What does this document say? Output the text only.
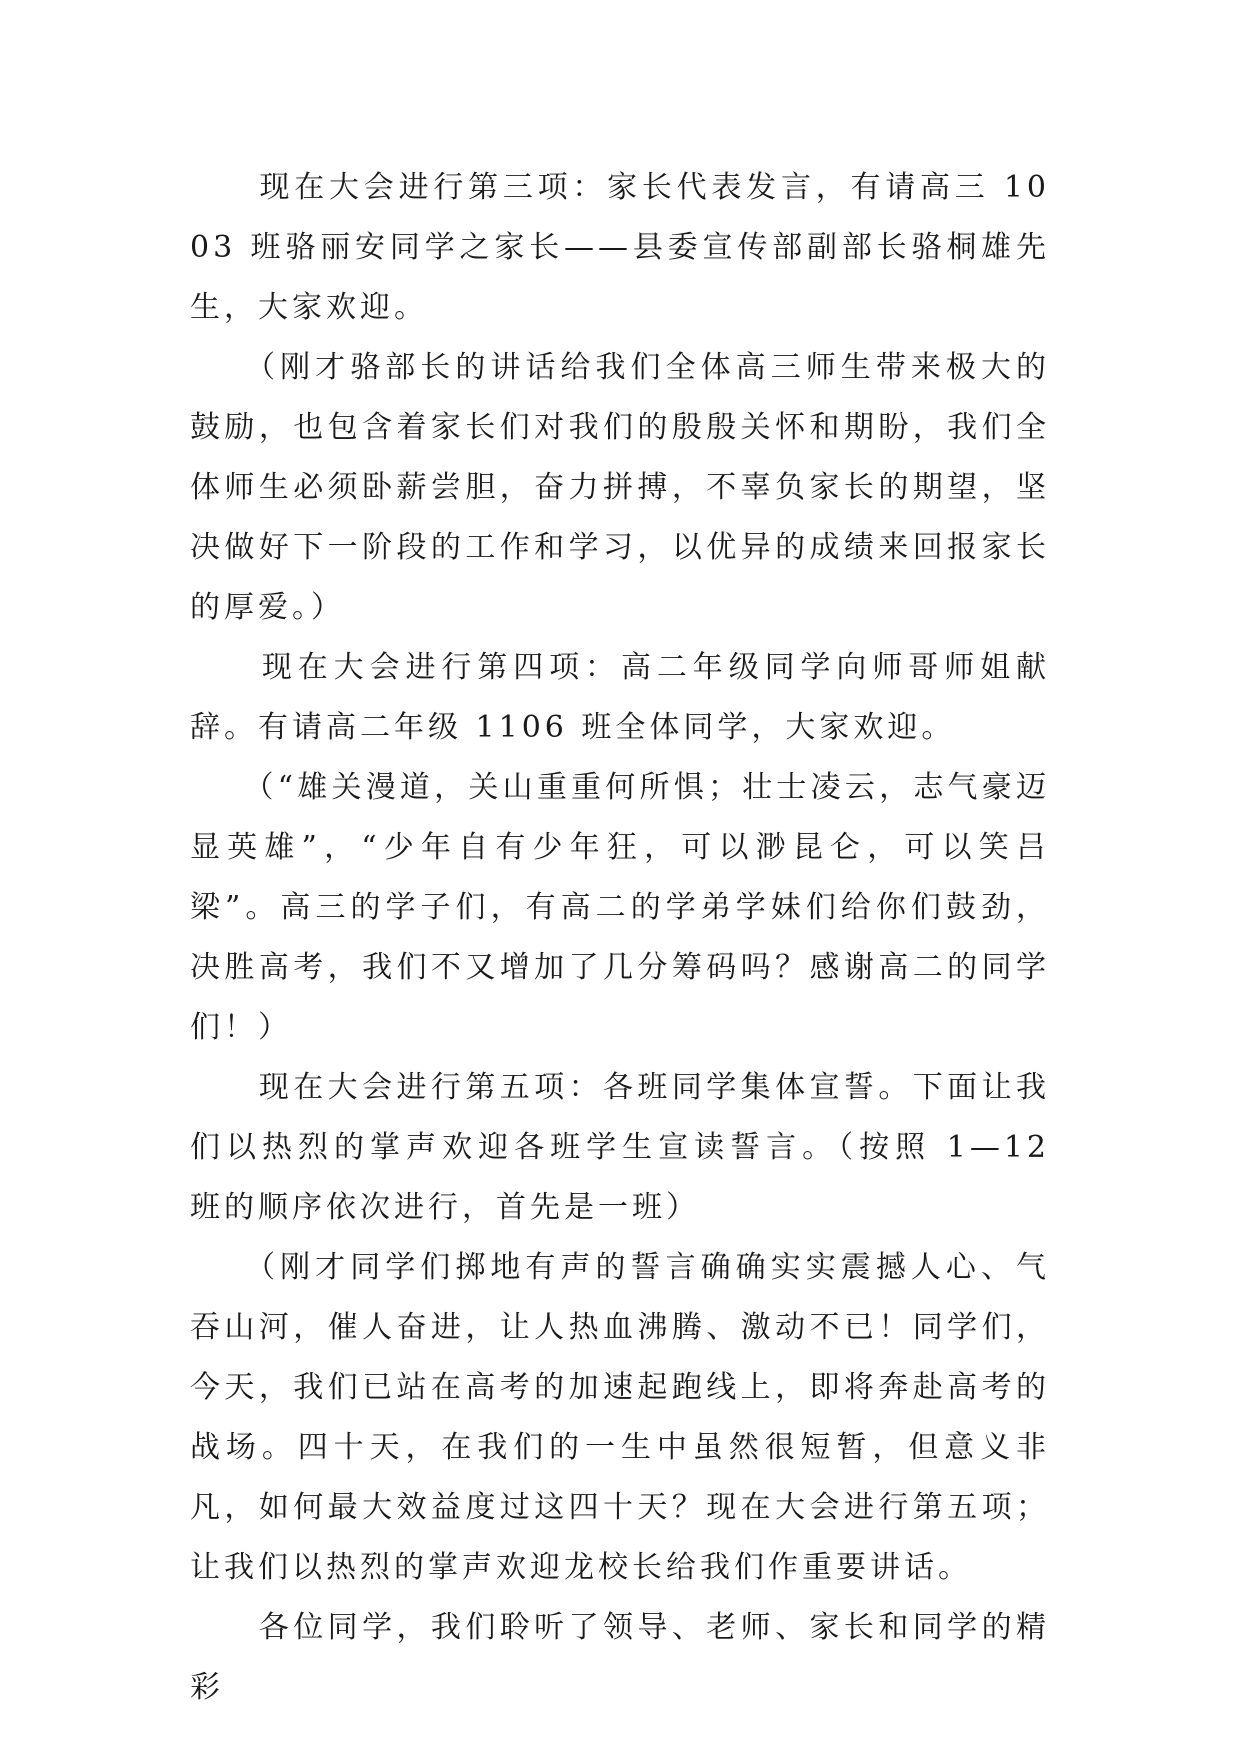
　　现在大会进行第三项：家长代表发言，有请高三 1003 班骆丽安同学之家长——县委宣传部副部长骆桐雄先生，大家欢迎。

　　（刚才骆部长的讲话给我们全体高三师生带来极大的鼓励，也包含着家长们对我们的殷殷关怀和期盼，我们全体师生必须卧薪尝胆，奋力拼搏，不辜负家长的期望，坚决做好下一阶段的工作和学习，以优异的成绩来回报家长的厚爱。）

　　现在大会进行第四项：高二年级同学向师哥师姐献辞。有请高二年级 1106 班全体同学，大家欢迎。

　　（“雄关漫道，关山重重何所惧；壮士凌云，志气豪迈显英雄”，“少年自有少年狂，可以渺昆仑，可以笑吕梁”。高三的学子们，有高二的学弟学妹们给你们鼓劲，决胜高考，我们不又增加了几分筹码吗？感谢高二的同学们！）

　　现在大会进行第五项：各班同学集体宣誓。下面让我们以热烈的掌声欢迎各班学生宣读誓言。（按照 1—12 班的顺序依次进行，首先是一班）

　　（刚才同学们掷地有声的誓言确确实实震撼人心、气吞山河，催人奋进，让人热血沸腾、激动不已！同学们，今天，我们已站在高考的加速起跑线上，即将奔赴高考的战场。四十天，在我们的一生中虽然很短暂，但意义非凡，如何最大效益度过这四十天？现在大会进行第五项；让我们以热烈的掌声欢迎龙校长给我们作重要讲话。

　　各位同学，我们聆听了领导、老师、家长和同学的精彩
